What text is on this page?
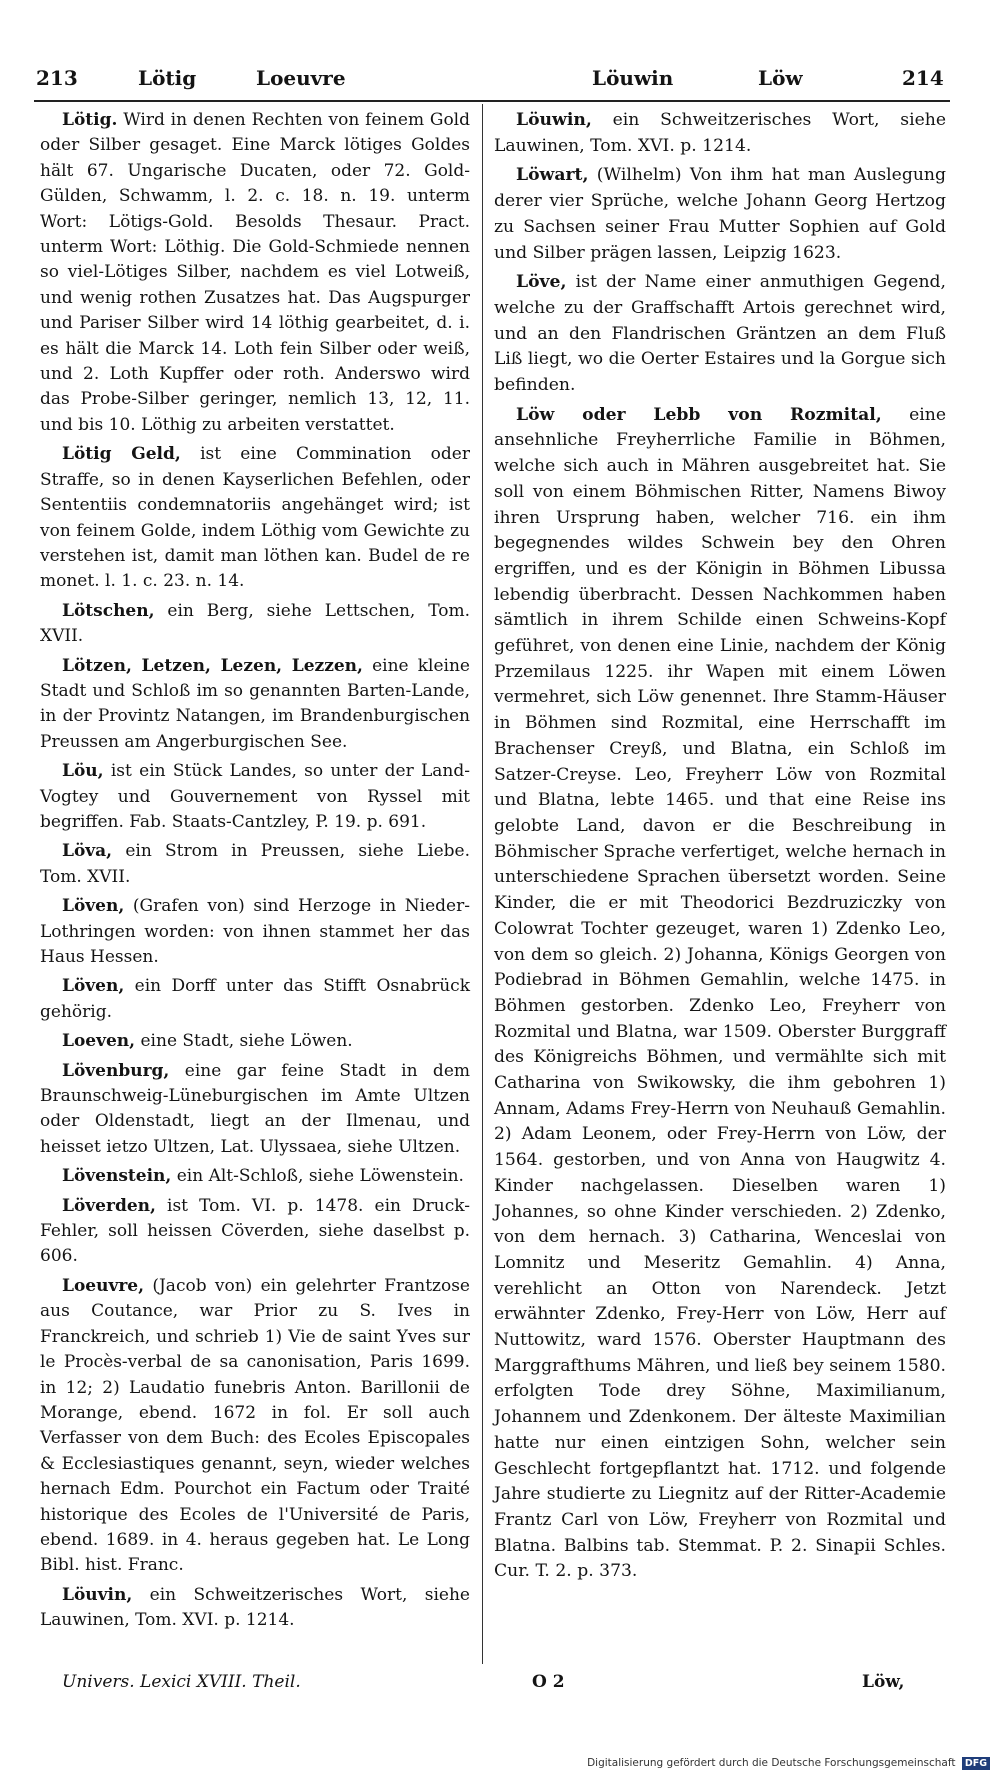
213	Lötig	Loeuvre	Löuwin	Löw	214

Lötig. Wird in denen Rechten von feinem Gold oder Silber gesaget. Eine Marck lötiges Goldes hält 67. Ungarische Ducaten, oder 72. Gold-Gülden, Schwamm, l. 2. c. 18. n. 19. unterm Wort: Lötigs-Gold. Besolds Thesaur. Pract. unterm Wort: Löthig. Die Gold-Schmiede nennen so viel-Lötiges Silber, nachdem es viel Lotweiß, und wenig rothen Zusatzes hat. Das Augspurger und Pariser Silber wird 14 löthig gearbeitet, d. i. es hält die Marck 14. Loth fein Silber oder weiß, und 2. Loth Kupffer oder roth. Anderswo wird das Probe-Silber geringer, nemlich 13, 12, 11. und bis 10. Löthig zu arbeiten verstattet.

Lötig Geld, ist eine Commination oder Straffe, so in denen Kayserlichen Befehlen, oder Sententiis condemnatoriis angehänget wird; ist von feinem Golde, indem Löthig vom Gewichte zu verstehen ist, damit man löthen kan. Budel de re monet. l. 1. c. 23. n. 14.

Lötschen, ein Berg, siehe Lettschen, Tom. XVII.

Lötzen, Letzen, Lezen, Lezzen, eine kleine Stadt und Schloß im so genannten Barten-Lande, in der Provintz Natangen, im Brandenburgischen Preussen am Angerburgischen See.

Löu, ist ein Stück Landes, so unter der Land-Vogtey und Gouvernement von Ryssel mit begriffen. Fab. Staats-Cantzley, P. 19. p. 691.

Löva, ein Strom in Preussen, siehe Liebe. Tom. XVII.

Löven, (Grafen von) sind Herzoge in Nieder-Lothringen worden: von ihnen stammet her das Haus Hessen.

Löven, ein Dorff unter das Stifft Osnabrück gehörig.

Loeven, eine Stadt, siehe Löwen.

Lövenburg, eine gar feine Stadt in dem Braunschweig-Lüneburgischen im Amte Ultzen oder Oldenstadt, liegt an der Ilmenau, und heisset ietzo Ultzen, Lat. Ulyssaea, siehe Ultzen.

Lövenstein, ein Alt-Schloß, siehe Löwenstein.

Löverden, ist Tom. VI. p. 1478. ein Druck-Fehler, soll heissen Cöverden, siehe daselbst p. 606.

Loeuvre, (Jacob von) ein gelehrter Frantzose aus Coutance, war Prior zu S. Ives in Franckreich, und schrieb 1) Vie de saint Yves sur le Procès-verbal de sa canonisation, Paris 1699. in 12; 2) Laudatio funebris Anton. Barillonii de Morange, ebend. 1672 in fol. Er soll auch Verfasser von dem Buch: des Ecoles Episcopales & Ecclesiastiques genannt, seyn, wieder welches hernach Edm. Pourchot ein Factum oder Traité historique des Ecoles de l'Université de Paris, ebend. 1689. in 4. heraus gegeben hat. Le Long Bibl. hist. Franc.

Löuvin, ein Schweitzerisches Wort, siehe Lauwinen, Tom. XVI. p. 1214.

Löuwin, ein Schweitzerisches Wort, siehe Lauwinen, Tom. XVI. p. 1214.

Löwart, (Wilhelm) Von ihm hat man Auslegung derer vier Sprüche, welche Johann Georg Hertzog zu Sachsen seiner Frau Mutter Sophien auf Gold und Silber prägen lassen, Leipzig 1623.

Löve, ist der Name einer anmuthigen Gegend, welche zu der Graffschafft Artois gerechnet wird, und an den Flandrischen Gräntzen an dem Fluß Liß liegt, wo die Oerter Estaires und la Gorgue sich befinden.

Löw oder Lebb von Rozmital, eine ansehnliche Freyherrliche Familie in Böhmen, welche sich auch in Mähren ausgebreitet hat. Sie soll von einem Böhmischen Ritter, Namens Biwoy ihren Ursprung haben, welcher 716. ein ihm begegnendes wildes Schwein bey den Ohren ergriffen, und es der Königin in Böhmen Libussa lebendig überbracht. Dessen Nachkommen haben sämtlich in ihrem Schilde einen Schweins-Kopf geführet, von denen eine Linie, nachdem der König Przemilaus 1225. ihr Wapen mit einem Löwen vermehret, sich Löw genennet. Ihre Stamm-Häuser in Böhmen sind Rozmital, eine Herrschafft im Brachenser Creyß, und Blatna, ein Schloß im Satzer-Creyse. Leo, Freyherr Löw von Rozmital und Blatna, lebte 1465. und that eine Reise ins gelobte Land, davon er die Beschreibung in Böhmischer Sprache verfertiget, welche hernach in unterschiedene Sprachen übersetzt worden. Seine Kinder, die er mit Theodorici Bezdruziczky von Colowrat Tochter gezeuget, waren 1) Zdenko Leo, von dem so gleich. 2) Johanna, Königs Georgen von Podiebrad in Böhmen Gemahlin, welche 1475. in Böhmen gestorben. Zdenko Leo, Freyherr von Rozmital und Blatna, war 1509. Oberster Burggraff des Königreichs Böhmen, und vermählte sich mit Catharina von Swikowsky, die ihm gebohren 1) Annam, Adams Frey-Herrn von Neuhauß Gemahlin. 2) Adam Leonem, oder Frey-Herrn von Löw, der 1564. gestorben, und von Anna von Haugwitz 4. Kinder nachgelassen. Dieselben waren 1) Johannes, so ohne Kinder verschieden. 2) Zdenko, von dem hernach. 3) Catharina, Wenceslai von Lomnitz und Meseritz Gemahlin. 4) Anna, verehlicht an Otton von Narendeck. Jetzt erwähnter Zdenko, Frey-Herr von Löw, Herr auf Nuttowitz, ward 1576. Oberster Hauptmann des Marggrafthums Mähren, und ließ bey seinem 1580. erfolgten Tode drey Söhne, Maximilianum, Johannem und Zdenkonem. Der älteste Maximilian hatte nur einen eintzigen Sohn, welcher sein Geschlecht fortgepflantzt hat. 1712. und folgende Jahre studierte zu Liegnitz auf der Ritter-Academie Frantz Carl von Löw, Freyherr von Rozmital und Blatna. Balbins tab. Stemmat. P. 2. Sinapii Schles. Cur. T. 2. p. 373.

Univers. Lexici XVIII. Theil.	O 2	Löw,
Digitalisierung gefördert durch die Deutsche Forschungsgemeinschaft DFG
